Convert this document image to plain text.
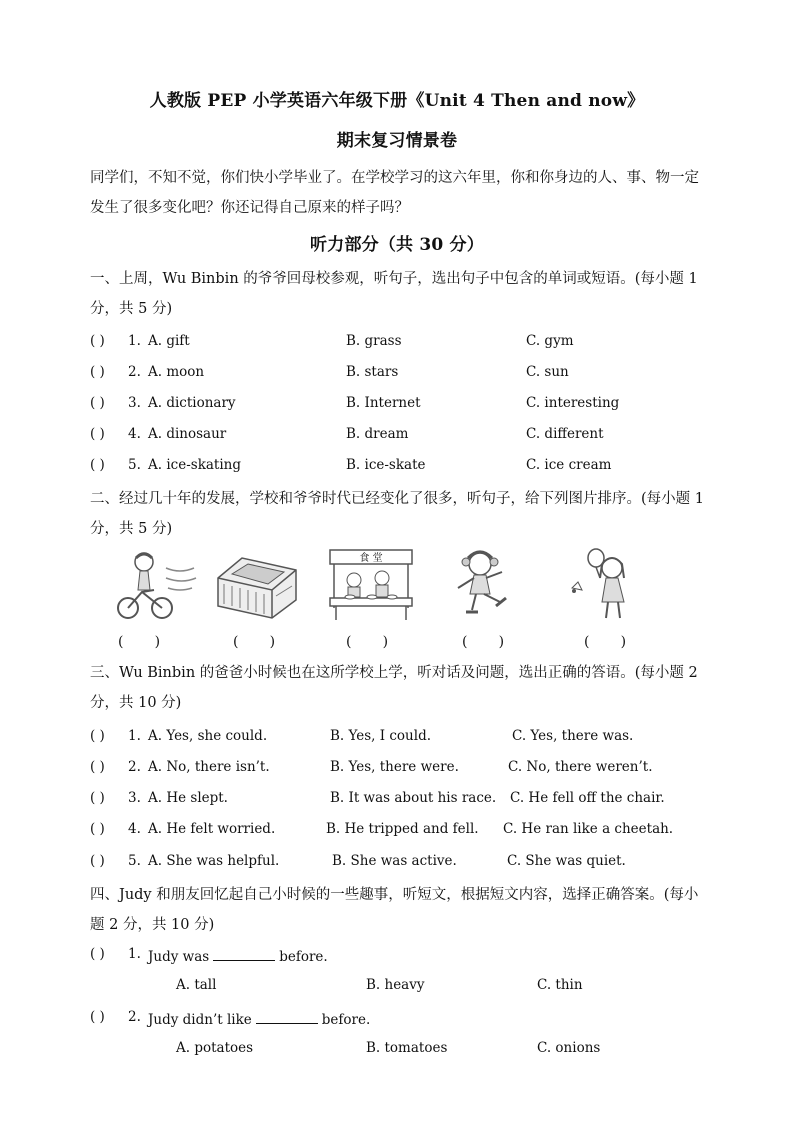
人教版 PEP 小学英语六年级下册《Unit 4 Then and now》
期末复习情景卷
同学们，不知不觉，你们快小学毕业了。在学校学习的这六年里，你和你身边的人、事、物一定发生了很多变化吧？你还记得自己原来的样子吗？
听力部分（共 30 分）
一、上周，Wu Binbin 的爷爷回母校参观，听句子，选出句子中包含的单词或短语。(每小题 1 分，共 5 分)
( ) 1. A. gift	B. grass	C. gym
( ) 2. A. moon	B. stars	C. sun
( ) 3. A. dictionary	B. Internet	C. interesting
( ) 4. A. dinosaur	B. dream	C. different
( ) 5. A. ice-skating	B. ice-skate	C. ice cream
二、经过几十年的发展，学校和爷爷时代已经变化了很多，听句子，给下列图片排序。(每小题 1 分，共 5 分)
食 堂
(       )	(       )	(       )	(       )	(       )
三、Wu Binbin 的爸爸小时候也在这所学校上学，听对话及问题，选出正确的答语。(每小题 2 分，共 10 分)
( ) 1. A. Yes, she could.	B. Yes, I could.	C. Yes, there was.
( ) 2. A. No, there isn’t.	B. Yes, there were.	C. No, there weren’t.
( ) 3. A. He slept.	B. It was about his race. C. He fell off the chair.
( ) 4. A. He felt worried.	B. He tripped and fell. C. He ran like a cheetah.
( ) 5. A. She was helpful.	B. She was active.	C. She was quiet.
四、Judy 和朋友回忆起自己小时候的一些趣事，听短文，根据短文内容，选择正确答案。(每小题 2 分，共 10 分)
( ) 1. Judy was	before.
A. tall	B. heavy	C. thin
( ) 2. Judy didn’t like	before.
A. potatoes	B. tomatoes	C. onions
